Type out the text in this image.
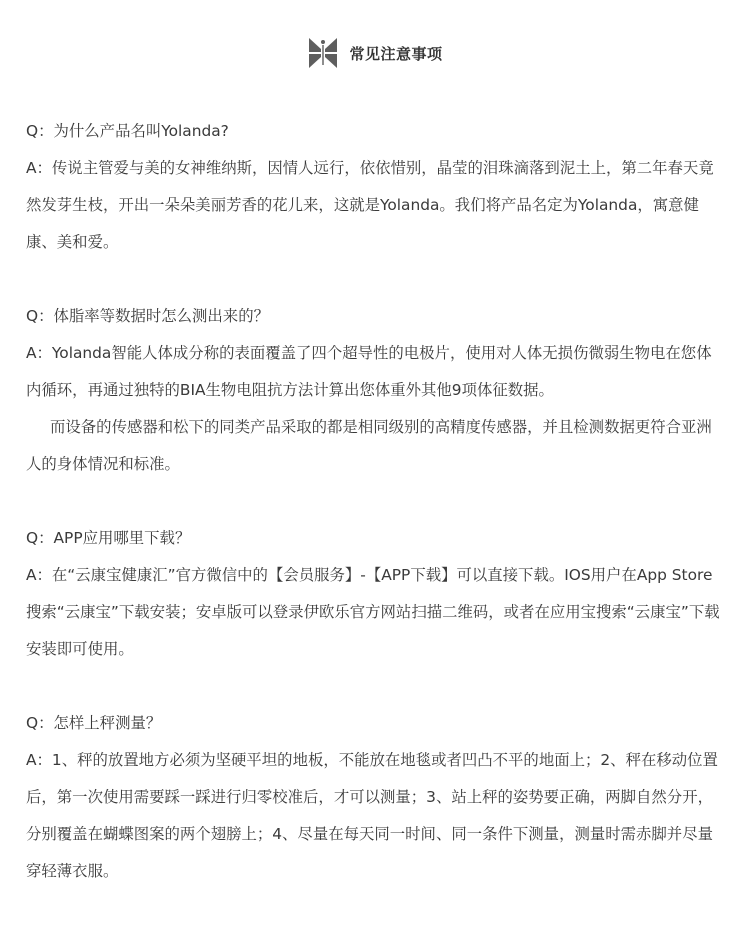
常见注意事项

Q：为什么产品名叫Yolanda?

A：传说主管爱与美的女神维纳斯，因情人远行，依依惜别，晶莹的泪珠滴落到泥土上，第二年春天竟然发芽生枝，开出一朵朵美丽芳香的花儿来，这就是Yolanda。我们将产品名定为Yolanda，寓意健康、美和爱。

Q：体脂率等数据时怎么测出来的？

A：Yolanda智能人体成分称的表面覆盖了四个超导性的电极片，使用对人体无损伤微弱生物电在您体内循环，再通过独特的BIA生物电阻抗方法计算出您体重外其他9项体征数据。

而设备的传感器和松下的同类产品采取的都是相同级别的高精度传感器，并且检测数据更符合亚洲人的身体情况和标准。

Q：APP应用哪里下载？

A：在“云康宝健康汇”官方微信中的【会员服务】-【APP下载】可以直接下载。IOS用户在App Store搜索“云康宝”下载安装；安卓版可以登录伊欧乐官方网站扫描二维码，或者在应用宝搜索“云康宝”下载安装即可使用。

Q：怎样上秤测量？

A：1、秤的放置地方必须为坚硬平坦的地板，不能放在地毯或者凹凸不平的地面上；2、秤在移动位置后，第一次使用需要踩一踩进行归零校准后，才可以测量；3、站上秤的姿势要正确，两脚自然分开，分别覆盖在蝴蝶图案的两个翅膀上；4、尽量在每天同一时间、同一条件下测量，测量时需赤脚并尽量穿轻薄衣服。
